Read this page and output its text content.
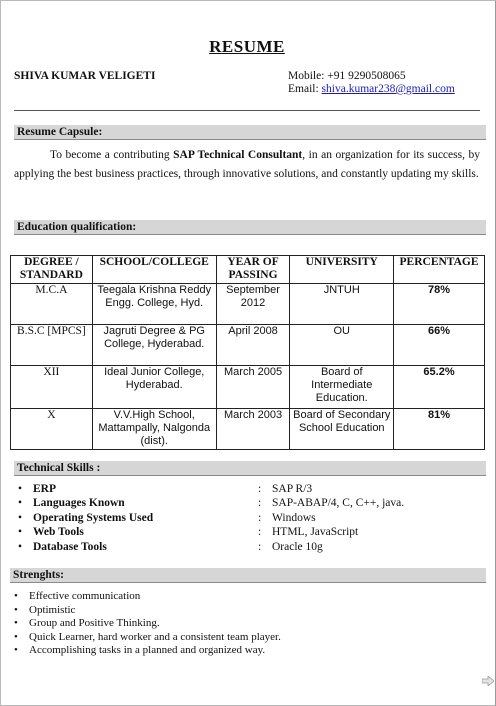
RESUME
SHIVA KUMAR VELIGETI	Mobile: +91 9290508065
Email: shiva.kumar238@gmail.com
Resume Capsule:
To become a contributing SAP Technical Consultant, in an organization for its success, by applying the best business practices, through innovative solutions, and constantly updating my skills.
Education qualification:
DEGREE / STANDARD	SCHOOL/COLLEGE	YEAR OF PASSING	UNIVERSITY	PERCENTAGE
M.C.A	Teegala Krishna Reddy Engg. College, Hyd.	September 2012	JNTUH	78%
B.S.C [MPCS]	Jagruti Degree & PG College, Hyderabad.	April 2008	OU	66%
XII	Ideal Junior College, Hyderabad.	March 2005	Board of Intermediate Education.	65.2%
X	V.V.High School, Mattampally, Nalgonda (dist).	March 2003	Board of Secondary School Education	81%
Technical Skills :
• ERP	: SAP R/3
• Languages Known	: SAP-ABAP/4, C, C++, java.
• Operating Systems Used	: Windows
• Web Tools	: HTML, JavaScript
• Database Tools	: Oracle 10g
Strenghts:
• Effective communication
• Optimistic
• Group and Positive Thinking.
• Quick Learner, hard worker and a consistent team player.
• Accomplishing tasks in a planned and organized way.
